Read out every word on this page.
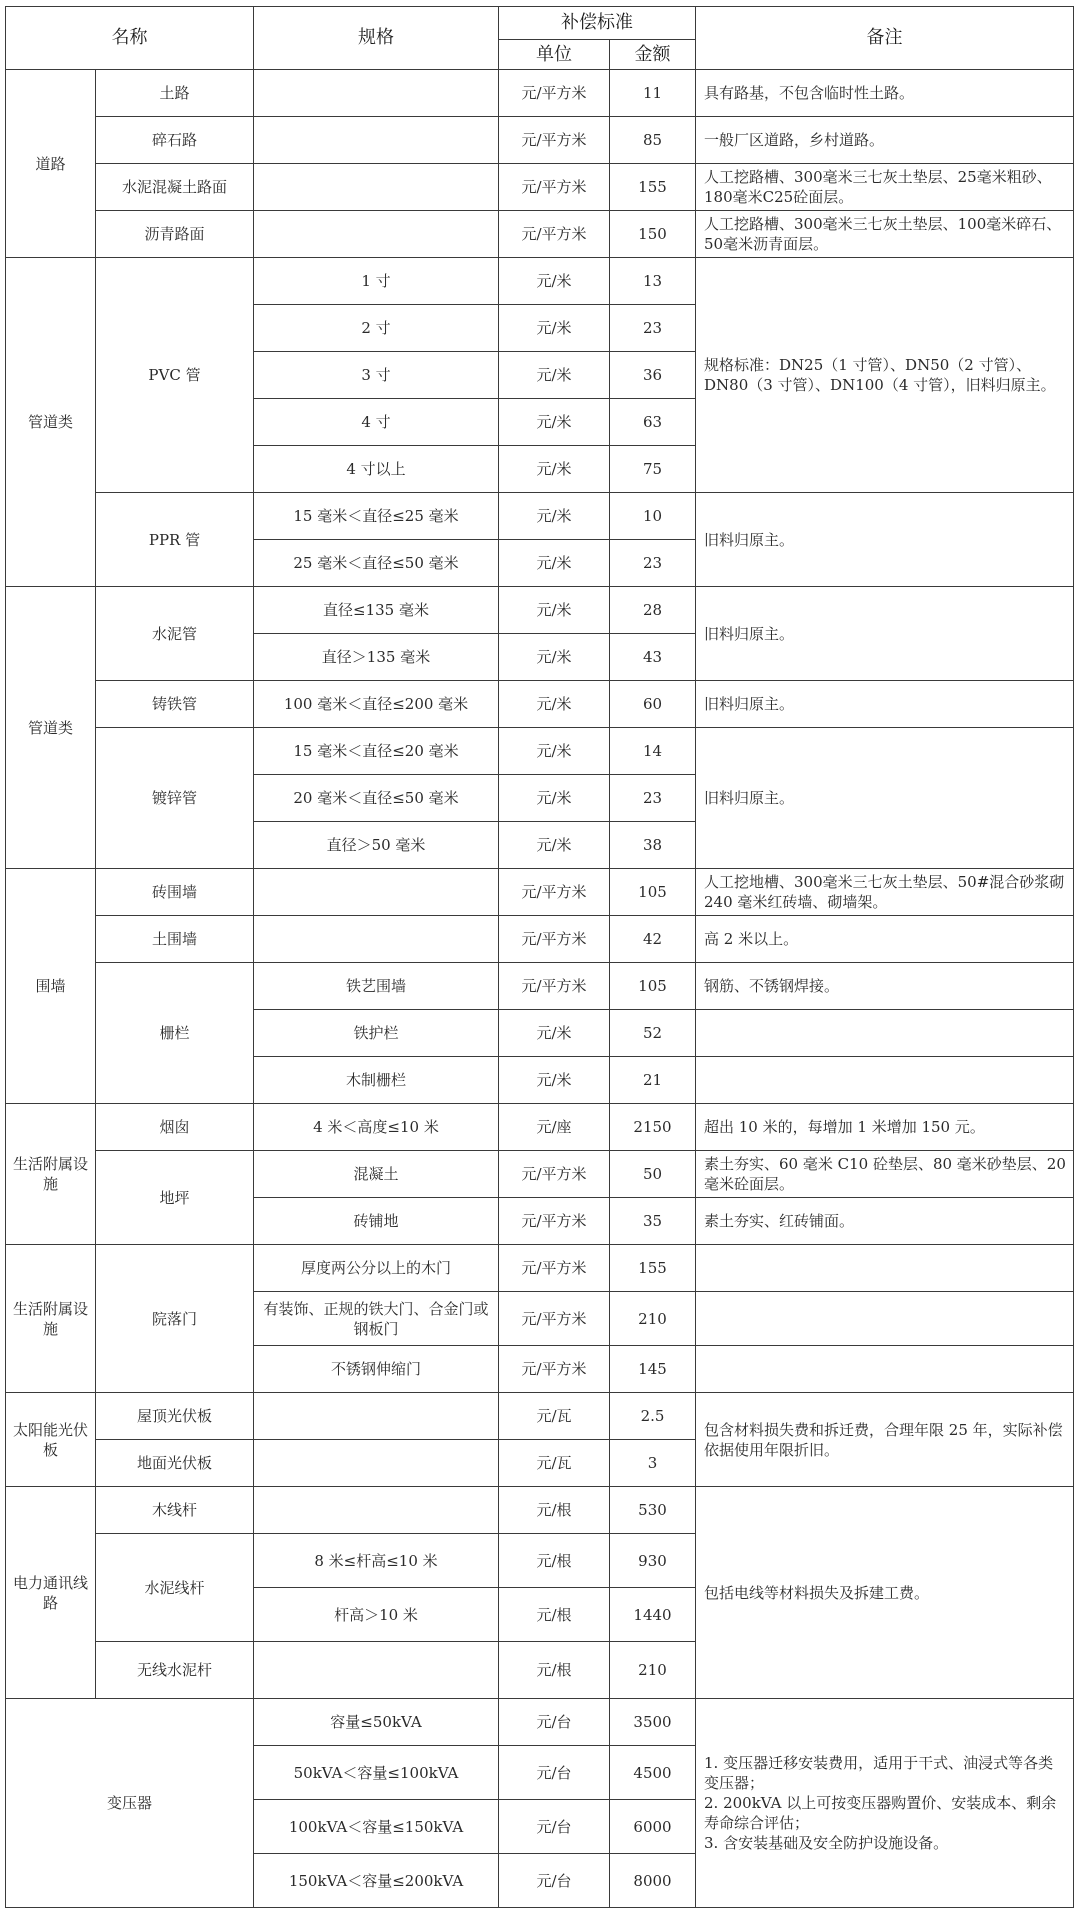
名称		规格	补偿标准		备注
			单位	金额	
道路	土路		元/平方米	11	具有路基，不包含临时性土路。
	碎石路		元/平方米	85	一般厂区道路，乡村道路。
	水泥混凝土路面		元/平方米	155	人工挖路槽、300毫米三七灰土垫层、25毫米粗砂、180毫米C25砼面层。
	沥青路面		元/平方米	150	人工挖路槽、300毫米三七灰土垫层、100毫米碎石、50毫米沥青面层。
管道类	PVC 管	1 寸	元/米	13	规格标准：DN25（1 寸管）、DN50（2 寸管）、DN80（3 寸管）、DN100（4 寸管），旧料归原主。
		2 寸	元/米	23	
		3 寸	元/米	36	
		4 寸	元/米	63	
		4 寸以上	元/米	75	
	PPR 管	15 毫米＜直径≤25 毫米	元/米	10	旧料归原主。
		25 毫米＜直径≤50 毫米	元/米	23	
管道类	水泥管	直径≤135 毫米	元/米	28	旧料归原主。
		直径＞135 毫米	元/米	43	
	铸铁管	100 毫米＜直径≤200 毫米	元/米	60	旧料归原主。
	镀锌管	15 毫米＜直径≤20 毫米	元/米	14	旧料归原主。
		20 毫米＜直径≤50 毫米	元/米	23	
		直径＞50 毫米	元/米	38	
围墙	砖围墙		元/平方米	105	人工挖地槽、300毫米三七灰土垫层、50#混合砂浆砌 240 毫米红砖墙、砌墙架。
	土围墙		元/平方米	42	高 2 米以上。
	栅栏	铁艺围墙	元/平方米	105	钢筋、不锈钢焊接。
		铁护栏	元/米	52	
		木制栅栏	元/米	21	
生活附属设施	烟囱	4 米＜高度≤10 米	元/座	2150	超出 10 米的，每增加 1 米增加 150 元。
	地坪	混凝土	元/平方米	50	素土夯实、60 毫米 C10 砼垫层、80 毫米砂垫层、20 毫米砼面层。
		砖铺地	元/平方米	35	素土夯实、红砖铺面。
生活附属设施	院落门	厚度两公分以上的木门	元/平方米	155	
		有装饰、正规的铁大门、合金门或钢板门	元/平方米	210	
		不锈钢伸缩门	元/平方米	145	
太阳能光伏板	屋顶光伏板		元/瓦	2.5	包含材料损失费和拆迁费，合理年限 25 年，实际补偿依据使用年限折旧。
	地面光伏板		元/瓦	3	
电力通讯线路	木线杆		元/根	530	包括电线等材料损失及拆建工费。
	水泥线杆	8 米≤杆高≤10 米	元/根	930	
		杆高＞10 米	元/根	1440	
	无线水泥杆		元/根	210	
变压器		容量≤50kVA	元/台	3500	1. 变压器迁移安装费用，适用于干式、油浸式等各类变压器； 2. 200kVA 以上可按变压器购置价、安装成本、剩余寿命综合评估； 3. 含安装基础及安全防护设施设备。
		50kVA＜容量≤100kVA	元/台	4500	
		100kVA＜容量≤150kVA	元/台	6000	
		150kVA＜容量≤200kVA	元/台	8000	
